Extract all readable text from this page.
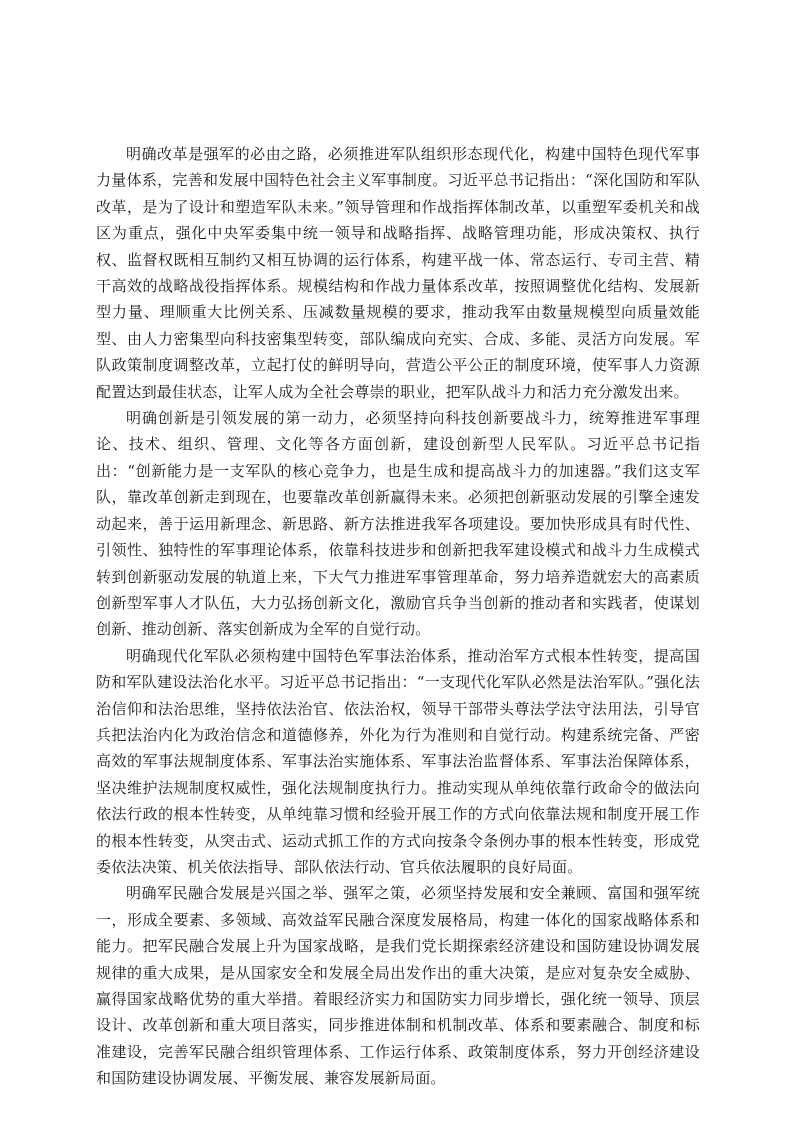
明确改革是强军的必由之路，必须推进军队组织形态现代化，构建中国特色现代军事力量体系，完善和发展中国特色社会主义军事制度。习近平总书记指出：“深化国防和军队改革，是为了设计和塑造军队未来。”领导管理和作战指挥体制改革，以重塑军委机关和战区为重点，强化中央军委集中统一领导和战略指挥、战略管理功能，形成决策权、执行权、监督权既相互制约又相互协调的运行体系，构建平战一体、常态运行、专司主营、精干高效的战略战役指挥体系。规模结构和作战力量体系改革，按照调整优化结构、发展新型力量、理顺重大比例关系、压减数量规模的要求，推动我军由数量规模型向质量效能型、由人力密集型向科技密集型转变，部队编成向充实、合成、多能、灵活方向发展。军队政策制度调整改革，立起打仗的鲜明导向，营造公平公正的制度环境，使军事人力资源配置达到最佳状态，让军人成为全社会尊崇的职业，把军队战斗力和活力充分激发出来。

明确创新是引领发展的第一动力，必须坚持向科技创新要战斗力，统筹推进军事理论、技术、组织、管理、文化等各方面创新，建设创新型人民军队。习近平总书记指出：“创新能力是一支军队的核心竞争力，也是生成和提高战斗力的加速器。”我们这支军队，靠改革创新走到现在，也要靠改革创新赢得未来。必须把创新驱动发展的引擎全速发动起来，善于运用新理念、新思路、新方法推进我军各项建设。要加快形成具有时代性、引领性、独特性的军事理论体系，依靠科技进步和创新把我军建设模式和战斗力生成模式转到创新驱动发展的轨道上来，下大气力推进军事管理革命，努力培养造就宏大的高素质创新型军事人才队伍，大力弘扬创新文化，激励官兵争当创新的推动者和实践者，使谋划创新、推动创新、落实创新成为全军的自觉行动。

明确现代化军队必须构建中国特色军事法治体系，推动治军方式根本性转变，提高国防和军队建设法治化水平。习近平总书记指出：“一支现代化军队必然是法治军队。”强化法治信仰和法治思维，坚持依法治官、依法治权，领导干部带头尊法学法守法用法，引导官兵把法治内化为政治信念和道德修养，外化为行为准则和自觉行动。构建系统完备、严密高效的军事法规制度体系、军事法治实施体系、军事法治监督体系、军事法治保障体系，坚决维护法规制度权威性，强化法规制度执行力。推动实现从单纯依靠行政命令的做法向依法行政的根本性转变，从单纯靠习惯和经验开展工作的方式向依靠法规和制度开展工作的根本性转变，从突击式、运动式抓工作的方式向按条令条例办事的根本性转变，形成党委依法决策、机关依法指导、部队依法行动、官兵依法履职的良好局面。

明确军民融合发展是兴国之举、强军之策，必须坚持发展和安全兼顾、富国和强军统一，形成全要素、多领域、高效益军民融合深度发展格局，构建一体化的国家战略体系和能力。把军民融合发展上升为国家战略，是我们党长期探索经济建设和国防建设协调发展规律的重大成果，是从国家安全和发展全局出发作出的重大决策，是应对复杂安全威胁、赢得国家战略优势的重大举措。着眼经济实力和国防实力同步增长，强化统一领导、顶层设计、改革创新和重大项目落实，同步推进体制和机制改革、体系和要素融合、制度和标准建设，完善军民融合组织管理体系、工作运行体系、政策制度体系，努力开创经济建设和国防建设协调发展、平衡发展、兼容发展新局面。
